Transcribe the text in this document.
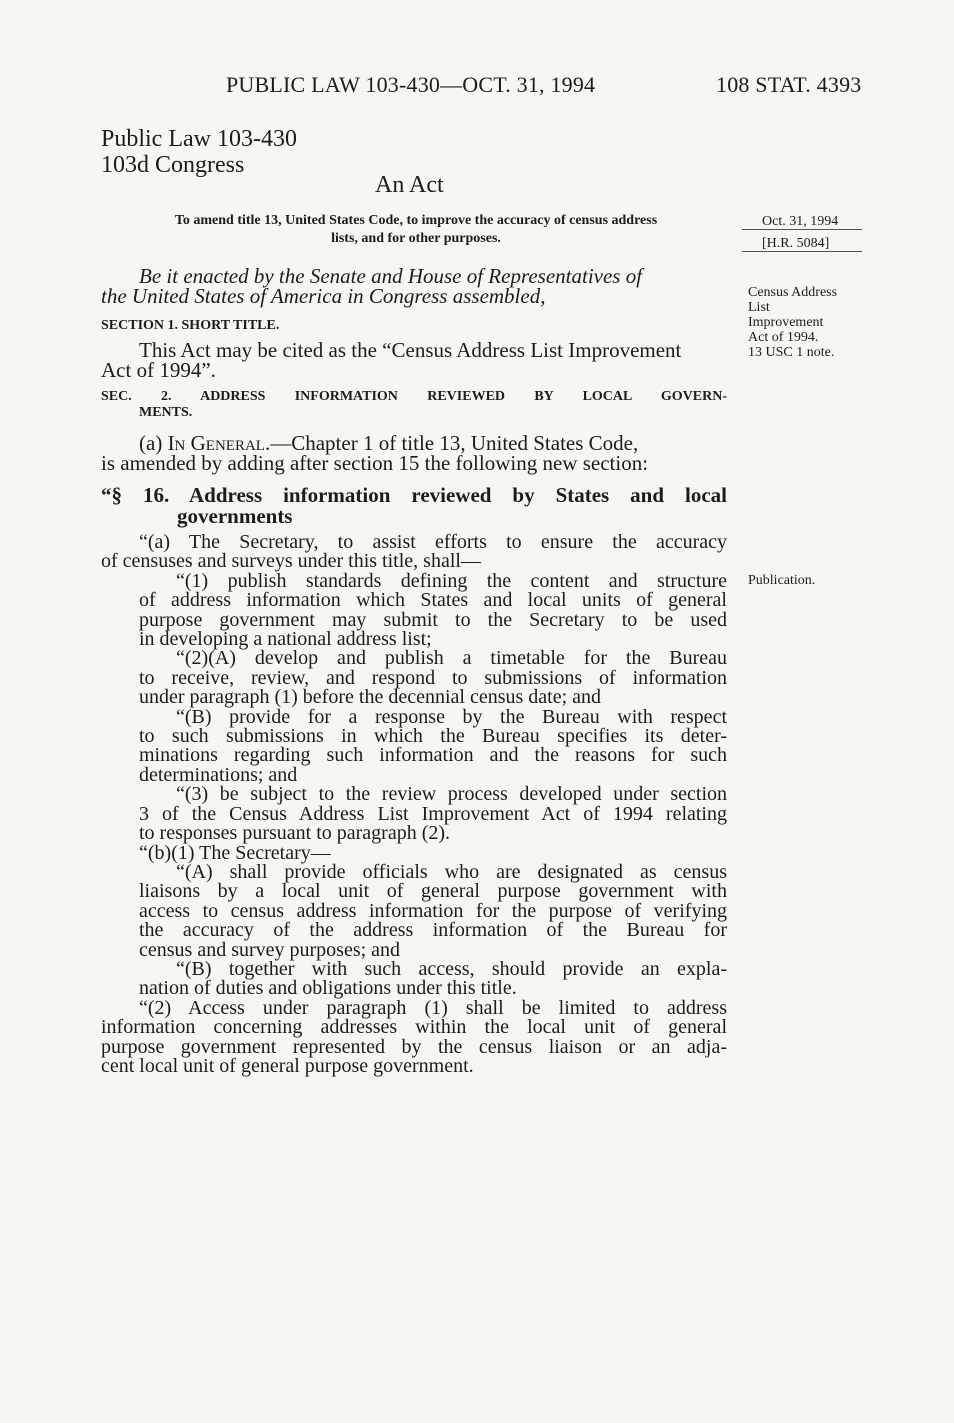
PUBLIC LAW 103-430—OCT. 31, 1994	108 STAT. 4393
Public Law 103-430
103d Congress
An Act
To amend title 13, United States Code, to improve the accuracy of census address
lists, and for other purposes.
Oct. 31, 1994
[H.R. 5084]
Census Address
List
Improvement
Act of 1994.
13 USC 1 note.
Publication.

Be it enacted by the Senate and House of Representatives of

the United States of America in Congress assembled,

SECTION 1. SHORT TITLE.

This Act may be cited as the “Census Address List Improvement

Act of 1994”.

SEC. 2. ADDRESS INFORMATION REVIEWED BY LOCAL GOVERN-
MENTS.

(a) In General.—Chapter 1 of title 13, United States Code,

is amended by adding after section 15 the following new section:

“§ 16. Address information reviewed by States and local
governments

“(a) The Secretary, to assist efforts to ensure the accuracy

of censuses and surveys under this title, shall—

“(1) publish standards defining the content and structure

of address information which States and local units of general

purpose government may submit to the Secretary to be used

in developing a national address list;

“(2)(A) develop and publish a timetable for the Bureau

to receive, review, and respond to submissions of information

under paragraph (1) before the decennial census date; and

“(B) provide for a response by the Bureau with respect

to such submissions in which the Bureau specifies its deter-

minations regarding such information and the reasons for such

determinations; and

“(3) be subject to the review process developed under section

3 of the Census Address List Improvement Act of 1994 relating

to responses pursuant to paragraph (2).

“(b)(1) The Secretary—

“(A) shall provide officials who are designated as census

liaisons by a local unit of general purpose government with

access to census address information for the purpose of verifying

the accuracy of the address information of the Bureau for

census and survey purposes; and

“(B) together with such access, should provide an expla-

nation of duties and obligations under this title.

“(2) Access under paragraph (1) shall be limited to address

information concerning addresses within the local unit of general

purpose government represented by the census liaison or an adja-

cent local unit of general purpose government.
